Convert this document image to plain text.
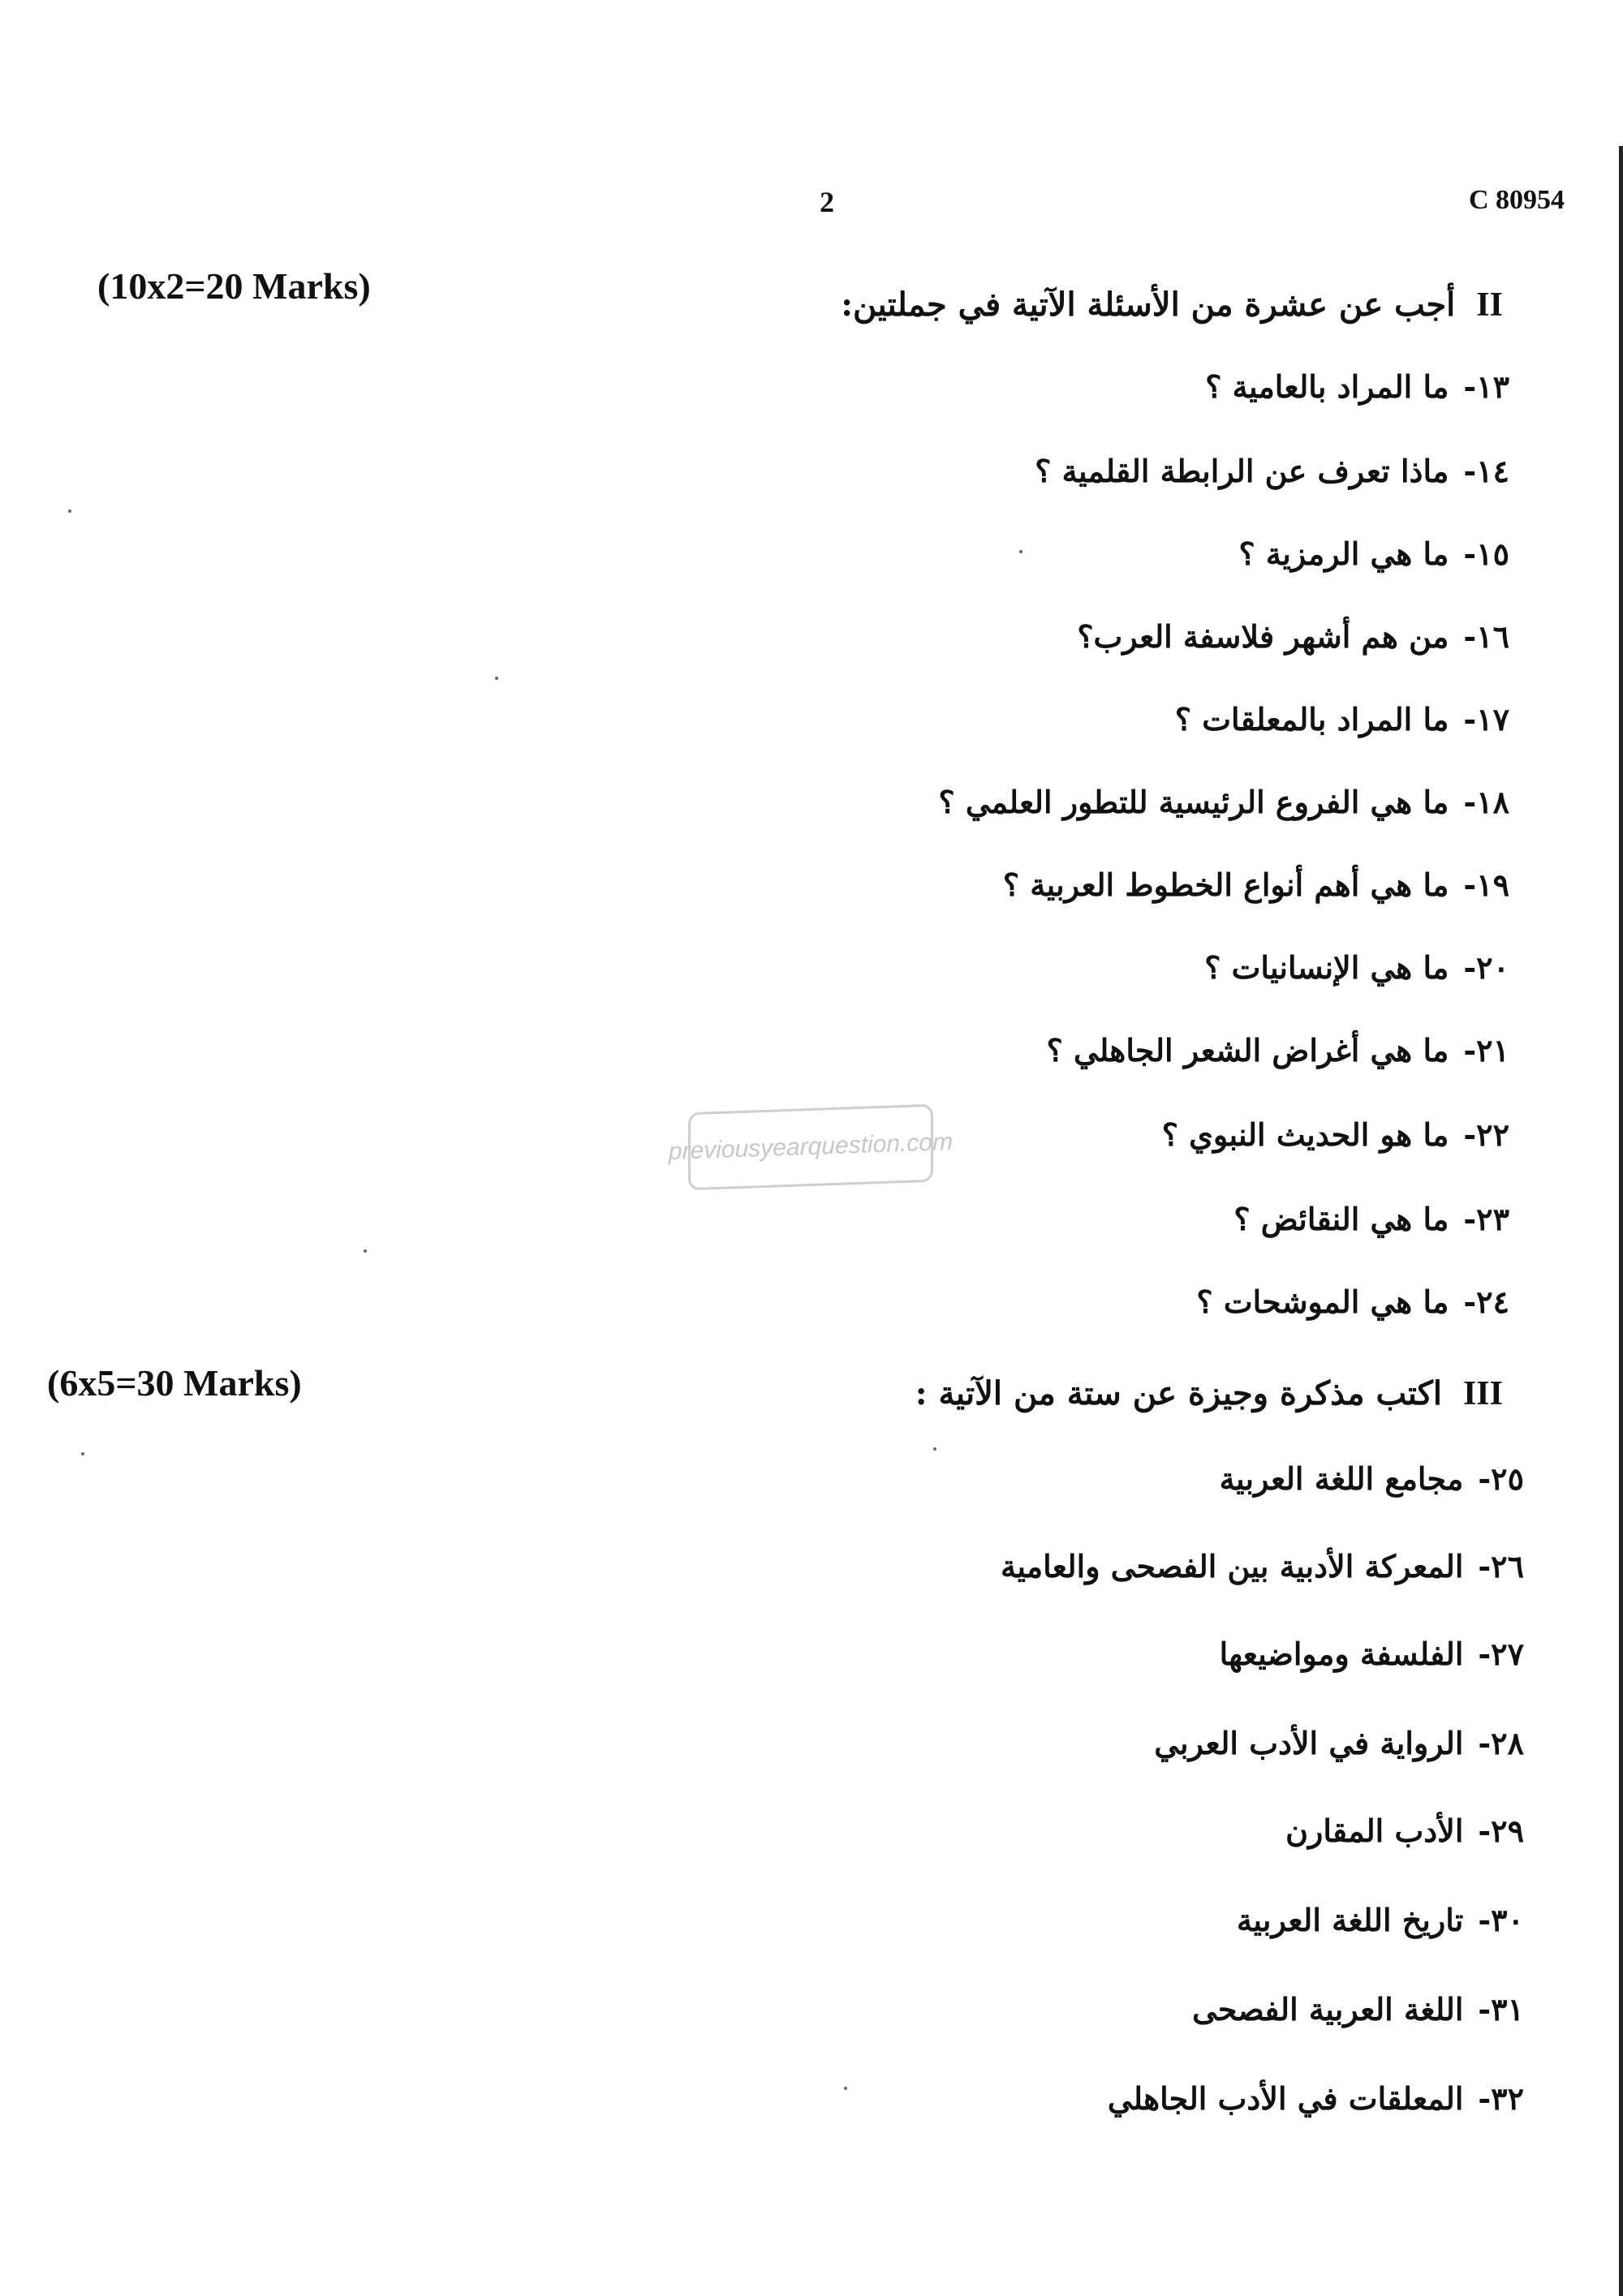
2	C 80954
(10x2=20 Marks)	IIأجب عن عشرة من الأسئلة الآتية في جملتين:
١٣-ما المراد بالعامية ؟
١٤-ماذا تعرف عن الرابطة القلمية ؟
١٥-ما هي الرمزية ؟
١٦-من هم أشهر فلاسفة العرب؟
١٧-ما المراد بالمعلقات ؟
١٨-ما هي الفروع الرئيسية للتطور العلمي ؟
١٩-ما هي أهم أنواع الخطوط العربية ؟
٢٠-ما هي الإنسانيات ؟
٢١-ما هي أغراض الشعر الجاهلي ؟
٢٢-ما هو الحديث النبوي ؟
٢٣-ما هي النقائض ؟
٢٤-ما هي الموشحات ؟
(6x5=30 Marks)	IIIاكتب مذكرة وجيزة عن ستة من الآتية :
٢٥-مجامع اللغة العربية
٢٦-المعركة الأدبية بين الفصحى والعامية
٢٧-الفلسفة ومواضيعها
٢٨-الرواية في الأدب العربي
٢٩-الأدب المقارن
٣٠-تاريخ اللغة العربية
٣١-اللغة العربية الفصحى
٣٢-المعلقات في الأدب الجاهلي
previousyearquestion.com
